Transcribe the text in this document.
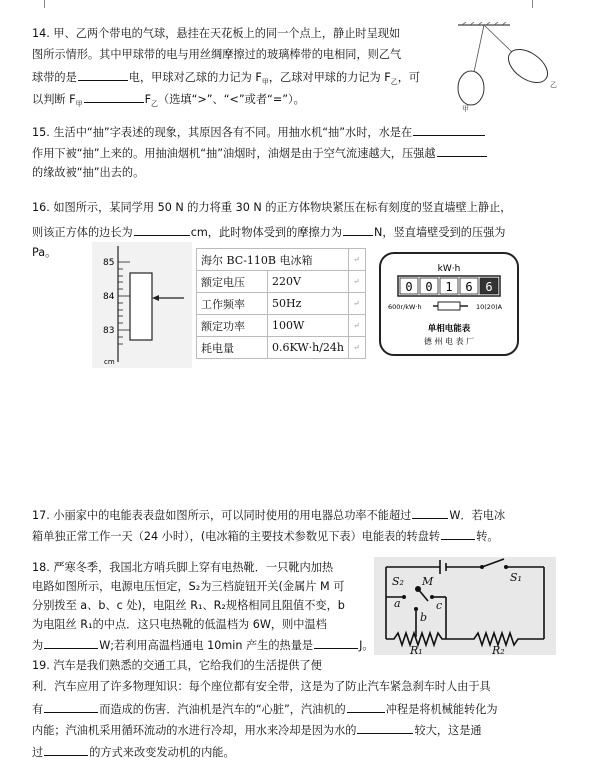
14. 甲、乙两个带电的气球，悬挂在天花板上的同一个点上，静止时呈现如
图所示情形。其中甲球带的电与用丝绸摩擦过的玻璃棒带的电相同，则乙气
球带的是	电，甲球对乙球的力记为 $F_甲$，乙球对甲球的力记为 $F_乙$，可
以判断 $F_甲$	$F_乙$（选填“>”、“<”或者“=”）。
甲
乙
15. 生活中“抽”字表述的现象，其原因各有不同。用抽水机“抽”水时，水是在
作用下被“抽”上来的。用抽油烟机“抽”油烟时，油烟是由于空气流速越大，压强越
的缘故被“抽”出去的。
16. 如图所示，某同学用 50 N 的力将重 30 N 的正方体物块紧压在标有刻度的竖直墙壁上静止，
则该正方体的边长为	cm，此时物体受到的摩擦力为	N，竖直墙壁受到的压强为
Pa。
85
84
83
cm
海尔 BC-110B 电冰箱		↵
额定电压	220V	↵
工作频率	50Hz	↵
额定功率	100W	↵
耗电量	0.6KW·h/24h	↵
kW·h
0 0 1 6 6
600r/kW·h	10(20)A
单相电能表
德 州 电 表 厂
17. 小丽家中的电能表表盘如图所示，可以同时使用的用电器总功率不能超过	W．若电冰
箱单独正常工作一天（24 小时），(电冰箱的主要技术参数见下表）电能表的转盘转	转。
18. 严寒冬季，我国北方哨兵脚上穿有电热靴．一只靴内加热
电路如图所示，电源电压恒定，S₂为三档旋钮开关(金属片 M 可
分别拨至 a、b、c 处)，电阻丝 R₁、R₂规格相同且阻值不变，b
为电阻丝 R₁的中点．这只电热靴的低温档为 6W，则中温档
为	W;若利用高温档通电 10min 产生的热量是	J。
S₂ M	S₁
a
b
c
R₁	R₂
19. 汽车是我们熟悉的交通工具，它给我们的生活提供了便
利．汽车应用了许多物理知识：每个座位都有安全带，这是为了防止汽车紧急刹车时人由于具
有	而造成的伤害．汽油机是汽车的“心脏”，汽油机的	冲程是将机械能转化为
内能；汽油机采用循环流动的水进行冷却，用水来冷却是因为水的	较大，这是通
过	的方式来改变发动机的内能。
